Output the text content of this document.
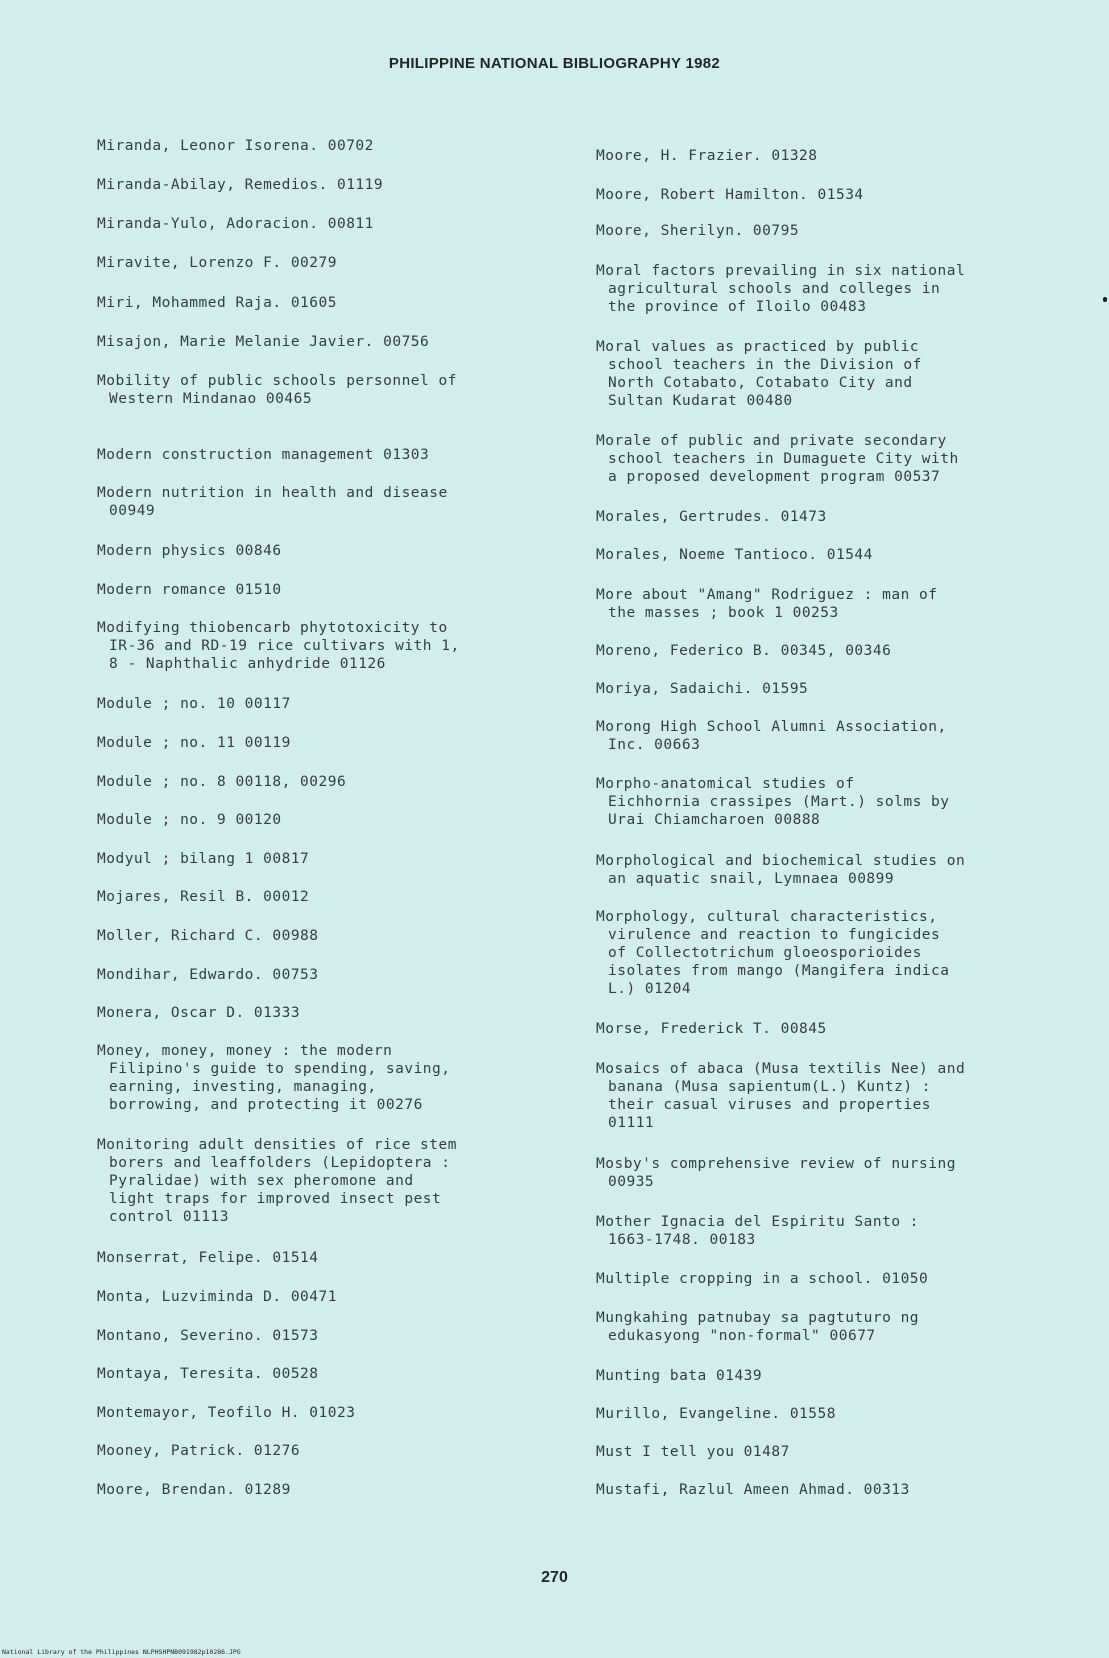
PHILIPPINE NATIONAL BIBLIOGRAPHY 1982
Miranda, Leonor Isorena. 00702
Miranda-Abilay, Remedios. 01119
Miranda-Yulo, Adoracion. 00811
Miravite, Lorenzo F. 00279
Miri, Mohammed Raja. 01605
Misajon, Marie Melanie Javier. 00756
Mobility of public schools personnel of
Western Mindanao 00465
Modern construction management 01303
Modern nutrition in health and disease
00949
Modern physics 00846
Modern romance 01510
Modifying thiobencarb phytotoxicity to
IR-36 and RD-19 rice cultivars with 1,
8 - Naphthalic anhydride 01126
Module ; no. 10 00117
Module ; no. 11 00119
Module ; no. 8 00118, 00296
Module ; no. 9 00120
Modyul ; bilang 1 00817
Mojares, Resil B. 00012
Moller, Richard C. 00988
Mondihar, Edwardo. 00753
Monera, Oscar D. 01333
Money, money, money : the modern
Filipino's guide to spending, saving,
earning, investing, managing,
borrowing, and protecting it 00276
Monitoring adult densities of rice stem
borers and leaffolders (Lepidoptera :
Pyralidae) with sex pheromone and
light traps for improved insect pest
control 01113
Monserrat, Felipe. 01514
Monta, Luzviminda D. 00471
Montano, Severino. 01573
Montaya, Teresita. 00528
Montemayor, Teofilo H. 01023
Mooney, Patrick. 01276
Moore, Brendan. 01289
Moore, H. Frazier. 01328
Moore, Robert Hamilton. 01534
Moore, Sherilyn. 00795
Moral factors prevailing in six national
agricultural schools and colleges in
the province of Iloilo 00483
Moral values as practiced by public
school teachers in the Division of
North Cotabato, Cotabato City and
Sultan Kudarat 00480
Morale of public and private secondary
school teachers in Dumaguete City with
a proposed development program 00537
Morales, Gertrudes. 01473
Morales, Noeme Tantioco. 01544
More about "Amang" Rodriguez : man of
the masses ; book 1 00253
Moreno, Federico B. 00345, 00346
Moriya, Sadaichi. 01595
Morong High School Alumni Association,
Inc. 00663
Morpho-anatomical studies of
Eichhornia crassipes (Mart.) solms by
Urai Chiamcharoen 00888
Morphological and biochemical studies on
an aquatic snail, Lymnaea 00899
Morphology, cultural characteristics,
virulence and reaction to fungicides
of Collectotrichum gloeosporioides
isolates from mango (Mangifera indica
L.) 01204
Morse, Frederick T. 00845
Mosaics of abaca (Musa textilis Nee) and
banana (Musa sapientum(L.) Kuntz) :
their casual viruses and properties
01111
Mosby's comprehensive review of nursing
00935
Mother Ignacia del Espiritu Santo :
1663-1748. 00183
Multiple cropping in a school. 01050
Mungkahing patnubay sa pagtuturo ng
edukasyong "non-formal" 00677
Munting bata 01439
Murillo, Evangeline. 01558
Must I tell you 01487
Mustafi, Razlul Ameen Ahmad. 00313
270
National Library of the Philippines NLPHSHPNB091982p10286.JPG
